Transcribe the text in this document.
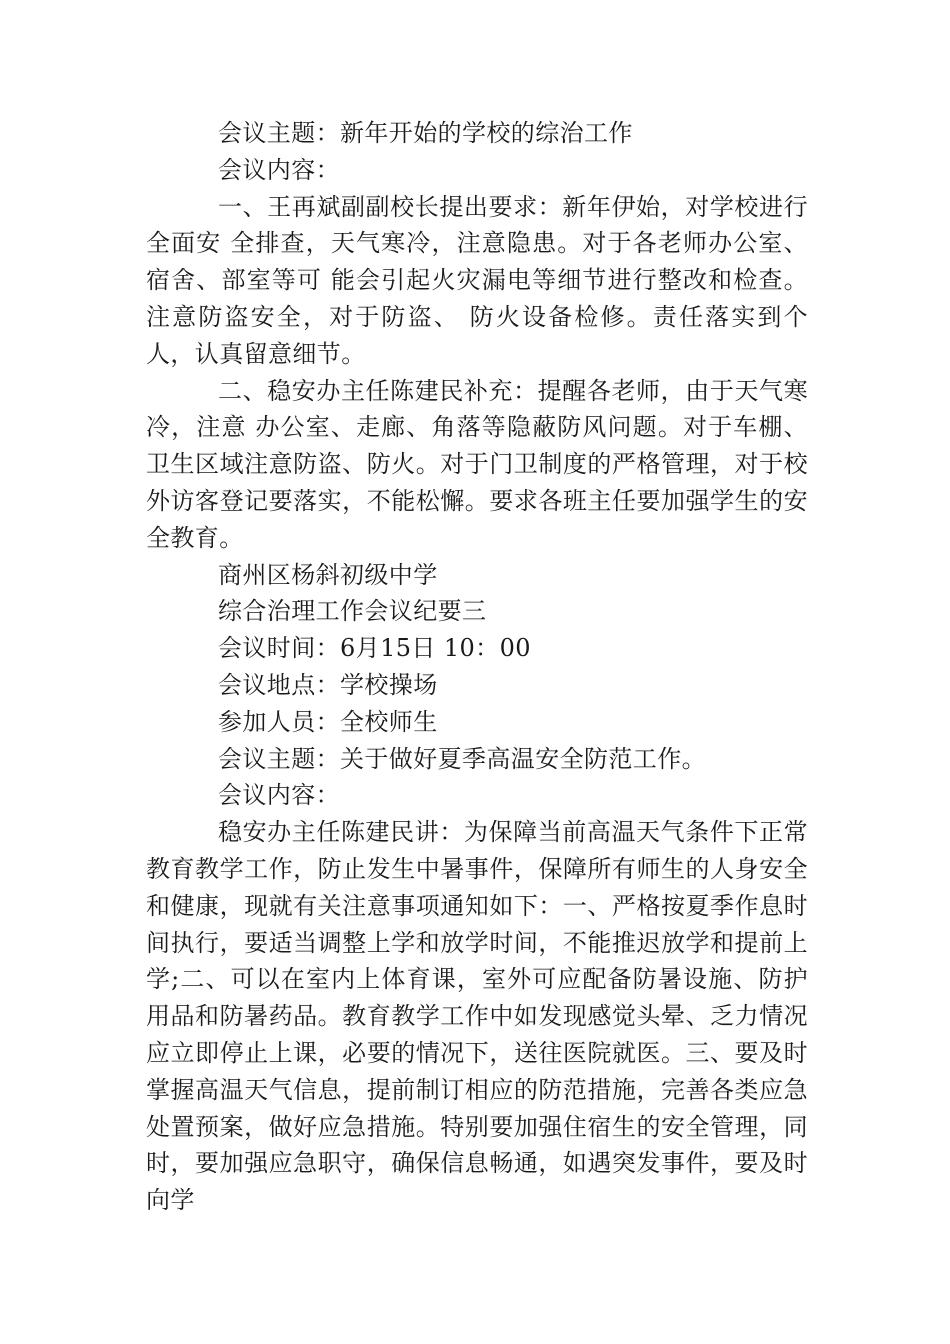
会议主题：新年开始的学校的综治工作

会议内容：

一、王再斌副副校长提出要求：新年伊始，对学校进行全面安 全排查，天气寒冷，注意隐患。对于各老师办公室、宿舍、部室等可 能会引起火灾漏电等细节进行整改和检查。注意防盗安全，对于防盗、 防火设备检修。责任落实到个人，认真留意细节。

二、稳安办主任陈建民补充：提醒各老师，由于天气寒冷，注意 办公室、走廊、角落等隐蔽防风问题。对于车棚、卫生区域注意防盗、防火。对于门卫制度的严格管理，对于校外访客登记要落实，不能松懈。要求各班主任要加强学生的安全教育。

商州区杨斜初级中学

综合治理工作会议纪要三

会议时间：6月15日 10：00

会议地点：学校操场

参加人员：全校师生

会议主题：关于做好夏季高温安全防范工作。

会议内容：

稳安办主任陈建民讲：为保障当前高温天气条件下正常教育教学工作，防止发生中暑事件，保障所有师生的人身安全和健康，现就有关注意事项通知如下：一、严格按夏季作息时间执行，要适当调整上学和放学时间，不能推迟放学和提前上学;二、可以在室内上体育课，室外可应配备防暑设施、防护用品和防暑药品。教育教学工作中如发现感觉头晕、乏力情况应立即停止上课，必要的情况下，送往医院就医。三、要及时掌握高温天气信息，提前制订相应的防范措施，完善各类应急处置预案，做好应急措施。特别要加强住宿生的安全管理，同时，要加强应急职守，确保信息畅通，如遇突发事件，要及时向学
